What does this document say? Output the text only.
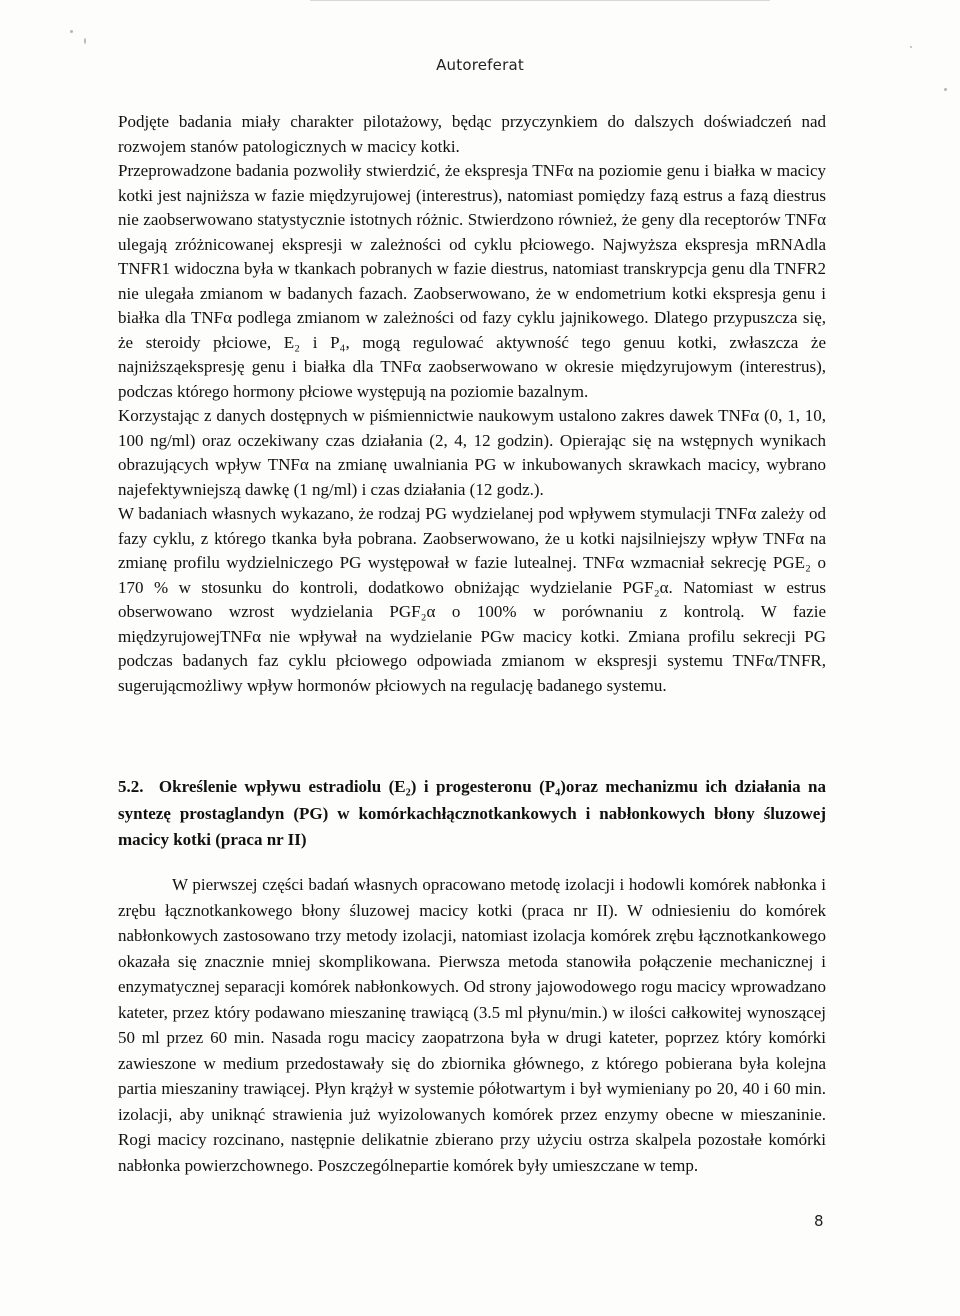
Autoreferat

Podjęte badania miały charakter pilotażowy, będąc przyczynkiem do dalszych doświadczeń nad rozwojem stanów patologicznych w macicy kotki.

Przeprowadzone badania pozwoliły stwierdzić, że ekspresja TNFα na poziomie genu i białka w macicy kotki jest najniższa w fazie międzyrujowej (interestrus), natomiast pomiędzy fazą estrus a fazą diestrus nie zaobserwowano statystycznie istotnych różnic. Stwierdzono również, że geny dla receptorów TNFα ulegają zróżnicowanej ekspresji w zależności od cyklu płciowego. Najwyższa ekspresja mRNAdla TNFR1 widoczna była w tkankach pobranych w fazie diestrus, natomiast transkrypcja genu dla TNFR2 nie ulegała zmianom w badanych fazach. Zaobserwowano, że w endometrium kotki ekspresja genu i białka dla TNFα podlega zmianom w zależności od fazy cyklu jajnikowego. Dlatego przypuszcza się, że steroidy płciowe, E₂ i P₄, mogą regulować aktywność tego genuu kotki, zwłaszcza że najniższąekspresję genu i białka dla TNFα zaobserwowano w okresie międzyrujowym (interestrus), podczas którego hormony płciowe występują na poziomie bazalnym.

Korzystając z danych dostępnych w piśmiennictwie naukowym ustalono zakres dawek TNFα (0, 1, 10, 100 ng/ml) oraz oczekiwany czas działania (2, 4, 12 godzin). Opierając się na wstępnych wynikach obrazujących wpływ TNFα na zmianę uwalniania PG w inkubowanych skrawkach macicy, wybrano najefektywniejszą dawkę (1 ng/ml) i czas działania (12 godz.).

W badaniach własnych wykazano, że rodzaj PG wydzielanej pod wpływem stymulacji TNFα zależy od fazy cyklu, z którego tkanka była pobrana. Zaobserwowano, że u kotki najsilniejszy wpływ TNFα na zmianę profilu wydzielniczego PG występował w fazie lutealnej. TNFα wzmacniał sekrecję PGE₂ o 170 % w stosunku do kontroli, dodatkowo obniżając wydzielanie PGF₂α. Natomiast w estrus obserwowano wzrost wydzielania PGF₂α o 100% w porównaniu z kontrolą. W fazie międzyrujowejTNFα nie wpływał na wydzielanie PGw macicy kotki. Zmiana profilu sekrecji PG podczas badanych faz cyklu płciowego odpowiada zmianom w ekspresji systemu TNFα/TNFR, sugerującmożliwy wpływ hormonów płciowych na regulację badanego systemu.

5.2. Określenie wpływu estradiolu (E₂) i progesteronu (P₄)oraz mechanizmu ich działania na syntezę prostaglandyn (PG) w komórkachłącznotkankowych i nabłonkowych błony śluzowej macicy kotki (praca nr II)

W pierwszej części badań własnych opracowano metodę izolacji i hodowli komórek nabłonka i zrębu łącznotkankowego błony śluzowej macicy kotki (praca nr II). W odniesieniu do komórek nabłonkowych zastosowano trzy metody izolacji, natomiast izolacja komórek zrębu łącznotkankowego okazała się znacznie mniej skomplikowana. Pierwsza metoda stanowiła połączenie mechanicznej i enzymatycznej separacji komórek nabłonkowych. Od strony jajowodowego rogu macicy wprowadzano kateter, przez który podawano mieszaninę trawiącą (3.5 ml płynu/min.) w ilości całkowitej wynoszącej 50 ml przez 60 min. Nasada rogu macicy zaopatrzona była w drugi kateter, poprzez który komórki zawieszone w medium przedostawały się do zbiornika głównego, z którego pobierana była kolejna partia mieszaniny trawiącej. Płyn krążył w systemie półotwartym i był wymieniany po 20, 40 i 60 min. izolacji, aby uniknąć strawienia już wyizolowanych komórek przez enzymy obecne w mieszaninie. Rogi macicy rozcinano, następnie delikatnie zbierano przy użyciu ostrza skalpela pozostałe komórki nabłonka powierzchownego. Poszczególnepartie komórek były umieszczane w temp.

8
